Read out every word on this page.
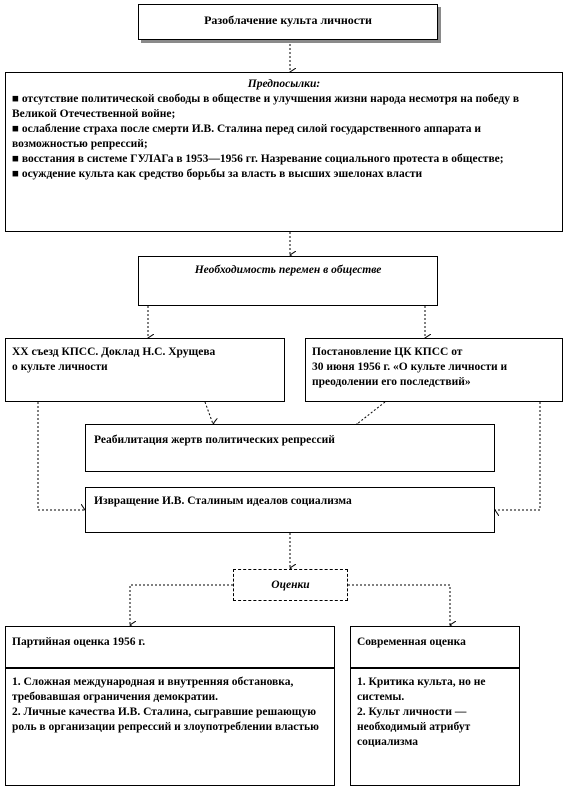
Разоблачение культа личности
Предпосылки:
■ отсутствие политической свободы в обществе и улучшения жизни народа несмотря на победу в Великой Отечественной войне;
■ ослабление страха после смерти И.В. Сталина перед силой государственного аппарата и возможностью репрессий;
■ восстания в системе ГУЛАГа в 1953—1956 гг. Назревание социального протеста в обществе;
■ осуждение культа как средство борьбы за власть в высших эшелонах власти
Необходимость перемен в обществе
XX съезд КПСС. Доклад Н.С. Хрущева
о культе личности
Постановление ЦК КПСС от
30 июня 1956 г. «О культе личности и
преодолении его последствий»
Реабилитация жертв политических репрессий
Извращение И.В. Сталиным идеалов социализма
Оценки
Партийная оценка 1956 г.
1. Сложная международная и внутренняя обстановка, требовавшая ограничения демократии.
2. Личные качества И.В. Сталина, сыгравшие решающую роль в организации репрессий и злоупотреблении властью
Современная оценка
1. Критика культа, но не системы.
2. Культ личности — необходимый атрибут социализма
